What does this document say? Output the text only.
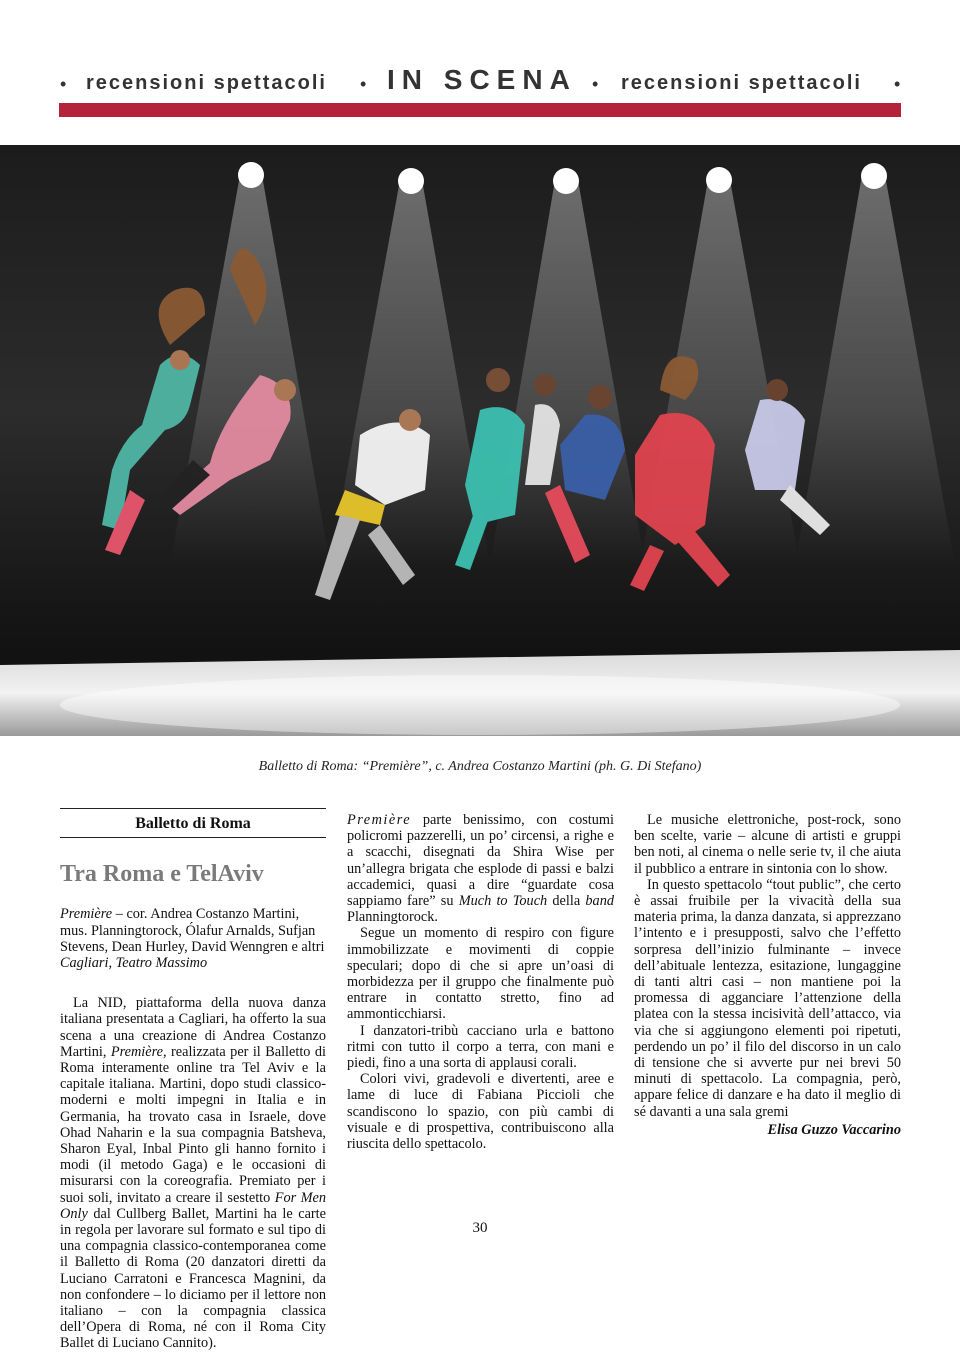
• recensioni spettacoli • IN SCENA • recensioni spettacoli •
Balletto di Roma: “Première”, c. Andrea Costanzo Martini (ph. G. Di Stefano)
Balletto di Roma
Tra Roma e TelAviv
Première – cor. Andrea Costanzo Martini, mus. Planningtorock, Ólafur Arnalds, Sufjan Stevens, Dean Hurley, David Wenngren e altri
Cagliari, Teatro Massimo

La NID, piattaforma della nuova danza italiana presentata a Cagliari, ha offerto la sua scena a una creazione di Andrea Costanzo Martini, Première, realizzata per il Balletto di Roma interamente online tra Tel Aviv e la capitale italiana. Martini, dopo studi classico-moderni e molti impegni in Italia e in Germania, ha trovato casa in Israele, dove Ohad Naharin e la sua compagnia Batsheva, Sharon Eyal, Inbal Pinto gli hanno fornito i modi (il metodo Gaga) e le occasioni di misurarsi con la coreografia. Premiato per i suoi soli, invitato a creare il sestetto For Men Only dal Cullberg Ballet, Martini ha le carte in regola per lavorare sul formato e sul tipo di una compagnia classico-contemporanea come il Balletto di Roma (20 danzatori diretti da Luciano Carratoni e Francesca Magnini, da non confondere – lo diciamo per il lettore non italiano – con la compagnia classica dell’Opera di Roma, né con il Roma City Ballet di Luciano Cannito).

Première parte benissimo, con costumi policromi pazzerelli, un po’ circensi, a righe e a scacchi, disegnati da Shira Wise per un’allegra brigata che esplode di passi e balzi accademici, quasi a dire “guardate cosa sappiamo fare” su Much to Touch della band Planningtorock.

Segue un momento di respiro con figure immobilizzate e movimenti di coppie speculari; dopo di che si apre un’oasi di morbidezza per il gruppo che finalmente può entrare in contatto stretto, fino ad ammonticchiarsi.

I danzatori-tribù cacciano urla e battono ritmi con tutto il corpo a terra, con mani e piedi, fino a una sorta di applausi corali.

Colori vivi, gradevoli e divertenti, aree e lame di luce di Fabiana Piccioli che scandiscono lo spazio, con più cambi di visuale e di prospettiva, contribuiscono alla riuscita dello spettacolo.

Le musiche elettroniche, post-rock, sono ben scelte, varie – alcune di artisti e gruppi ben noti, al cinema o nelle serie tv, il che aiuta il pubblico a entrare in sintonia con lo show.

In questo spettacolo “tout public”, che certo è assai fruibile per la vivacità della sua materia prima, la danza danzata, si apprezzano l’intento e i presupposti, salvo che l’effetto sorpresa dell’inizio fulminante – invece dell’abituale lentezza, esitazione, lungaggine di tanti altri casi – non mantiene poi la promessa di agganciare l’attenzione della platea con la stessa incisività dell’attacco, via via che si aggiungono elementi poi ripetuti, perdendo un po’ il filo del discorso in un calo di tensione che si avverte pur nei brevi 50 minuti di spettacolo. La compagnia, però, appare felice di danzare e ha dato il meglio di sé davanti a una sala gremi

Elisa Guzzo Vaccarino
30
